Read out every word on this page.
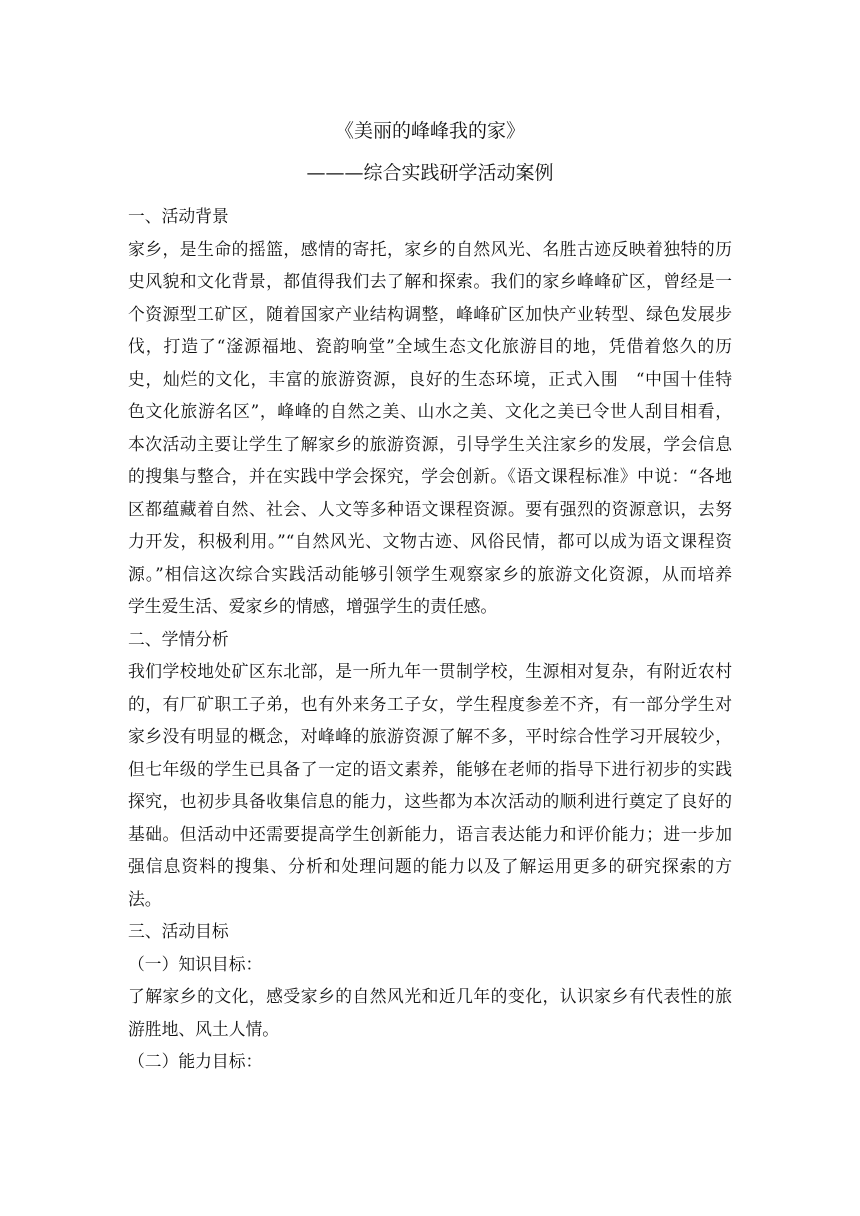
《美丽的峰峰我的家》
———综合实践研学活动案例
一、活动背景
家乡，是生命的摇篮，感情的寄托，家乡的自然风光、名胜古迹反映着独特的历
史风貌和文化背景，都值得我们去了解和探索。我们的家乡峰峰矿区，曾经是一
个资源型工矿区，随着国家产业结构调整，峰峰矿区加快产业转型、绿色发展步
伐，打造了“滏源福地、瓷韵响堂”全域生态文化旅游目的地，凭借着悠久的历
史，灿烂的文化，丰富的旅游资源，良好的生态环境，正式入围　“中国十佳特
色文化旅游名区”，峰峰的自然之美、山水之美、文化之美已令世人刮目相看，
本次活动主要让学生了解家乡的旅游资源，引导学生关注家乡的发展，学会信息
的搜集与整合，并在实践中学会探究，学会创新。《语文课程标准》中说：“各地
区都蕴藏着自然、社会、人文等多种语文课程资源。要有强烈的资源意识，去努
力开发，积极利用。”“自然风光、文物古迹、风俗民情，都可以成为语文课程资
源。”相信这次综合实践活动能够引领学生观察家乡的旅游文化资源，从而培养
学生爱生活、爱家乡的情感，增强学生的责任感。
二、学情分析
我们学校地处矿区东北部，是一所九年一贯制学校，生源相对复杂，有附近农村
的，有厂矿职工子弟，也有外来务工子女，学生程度参差不齐，有一部分学生对
家乡没有明显的概念，对峰峰的旅游资源了解不多，平时综合性学习开展较少，
但七年级的学生已具备了一定的语文素养，能够在老师的指导下进行初步的实践
探究，也初步具备收集信息的能力，这些都为本次活动的顺利进行奠定了良好的
基础。但活动中还需要提高学生创新能力，语言表达能力和评价能力；进一步加
强信息资料的搜集、分析和处理问题的能力以及了解运用更多的研究探索的方
法。
三、活动目标
（一）知识目标：
了解家乡的文化，感受家乡的自然风光和近几年的变化，认识家乡有代表性的旅
游胜地、风土人情。
（二）能力目标：
